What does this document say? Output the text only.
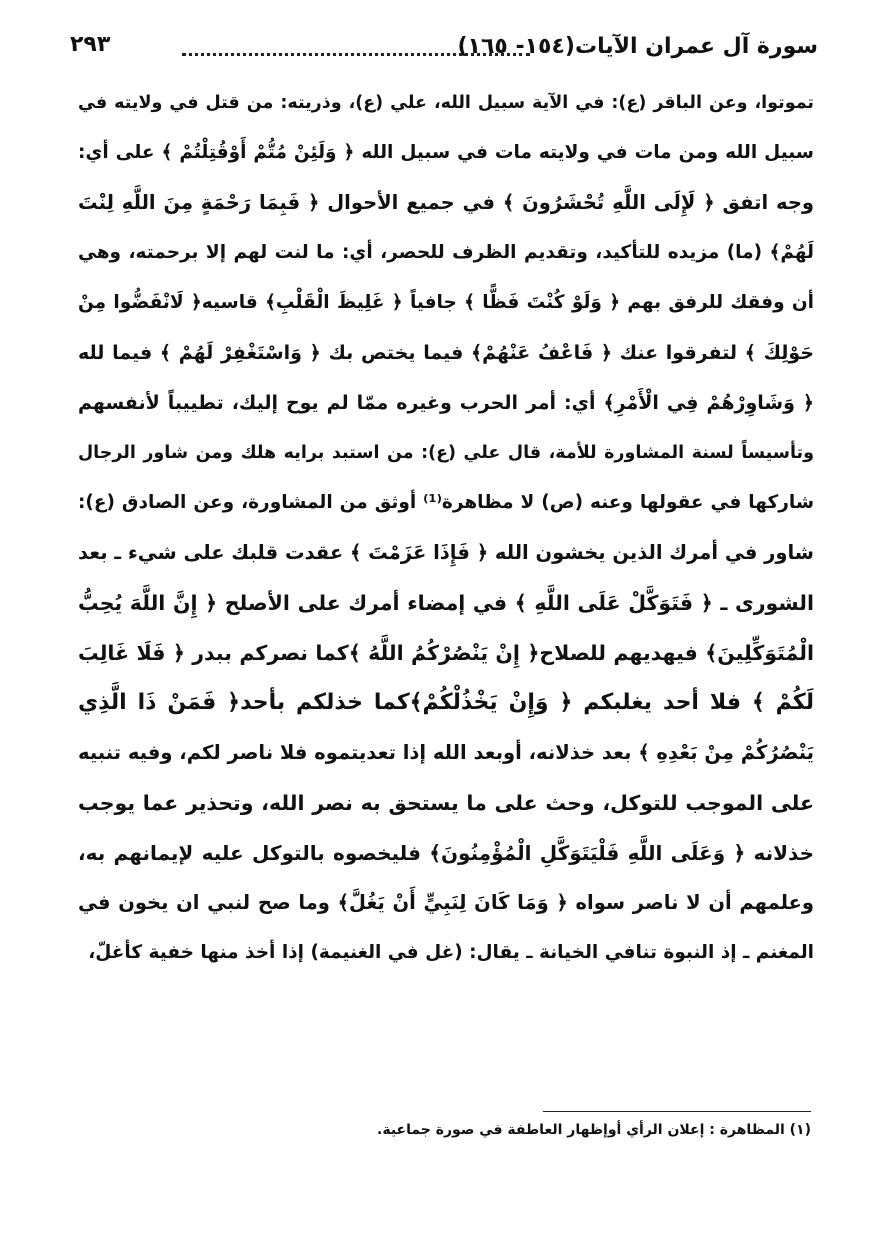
سورة آل عمران الآيات(١٥٤- ١٦٥)
٢٩٣
تموتوا، وعن الباقر (ع): في الآية سبيل الله، علي (ع)، وذريته: من قتل في ولايته في
سبيل الله ومن مات في ولايته مات في سبيل الله ﴿ وَلَئِنْ مُتُّمْ أَوْقُتِلْتُمْ ﴾ على أي:
وجه اتفق ﴿ لَإِلَى اللَّهِ تُحْشَرُونَ ﴾ في جميع الأحوال ﴿ فَبِمَا رَحْمَةٍ مِنَ اللَّهِ لِنْتَ
لَهُمْ﴾ (ما) مزيده للتأكيد، وتقديم الظرف للحصر، أي: ما لنت لهم إلا برحمته، وهي
أن وفقك للرفق بهم ﴿ وَلَوْ كُنْتَ فَظًّا ﴾ جافياً ﴿ غَلِيظَ الْقَلْبِ﴾ قاسيه﴿ لَانْفَضُّوا مِنْ
حَوْلِكَ ﴾ لتفرقوا عنك ﴿ فَاعْفُ عَنْهُمْ﴾ فيما يختص بك ﴿ وَاسْتَغْفِرْ لَهُمْ ﴾ فيما لله
﴿ وَشَاوِرْهُمْ فِي الْأَمْرِ﴾ أي: أمر الحرب وغيره ممّا لم يوح إليك، تطييباً لأنفسهم
وتأسيساً لسنة المشاورة للأمة، قال علي (ع): من استبد برايه هلك ومن شاور الرجال
شاركها في عقولها وعنه (ص) لا مظاهرة⁽¹⁾ أوثق من المشاورة، وعن الصادق (ع):
شاور في أمرك الذين يخشون الله ﴿ فَإِذَا عَزَمْتَ ﴾ عقدت قلبك على شيء ـ بعد
الشورى ـ ﴿ فَتَوَكَّلْ عَلَى اللَّهِ ﴾ في إمضاء أمرك على الأصلح ﴿ إِنَّ اللَّهَ يُحِبُّ
الْمُتَوَكِّلِينَ﴾ فيهديهم للصلاح﴿ إِنْ يَنْصُرْكُمُ اللَّهُ ﴾كما نصركم ببدر ﴿ فَلَا غَالِبَ
لَكُمْ ﴾ فلا أحد يغلبكم ﴿ وَإِنْ يَخْذُلْكُمْ﴾كما خذلكم بأحد﴿ فَمَنْ ذَا الَّذِي
يَنْصُرُكُمْ مِنْ بَعْدِهِ ﴾ بعد خذلانه، أوبعد الله إذا تعديتموه فلا ناصر لكم، وفيه تنبيه
على الموجب للتوكل، وحث على ما يستحق به نصر الله، وتحذير عما يوجب
خذلانه ﴿ وَعَلَى اللَّهِ فَلْيَتَوَكَّلِ الْمُؤْمِنُونَ﴾ فليخصوه بالتوكل عليه لإيمانهم به،
وعلمهم أن لا ناصر سواه ﴿ وَمَا كَانَ لِنَبِيٍّ أَنْ يَغُلَّ﴾ وما صح لنبي ان يخون في
المغنم ـ إذ النبوة تنافي الخيانة ـ يقال: (غل في الغنيمة) إذا أخذ منها خفية كأغلّ،
(١) المظاهرة : إعلان الرأي أوإظهار العاطفة في صورة جماعية.
